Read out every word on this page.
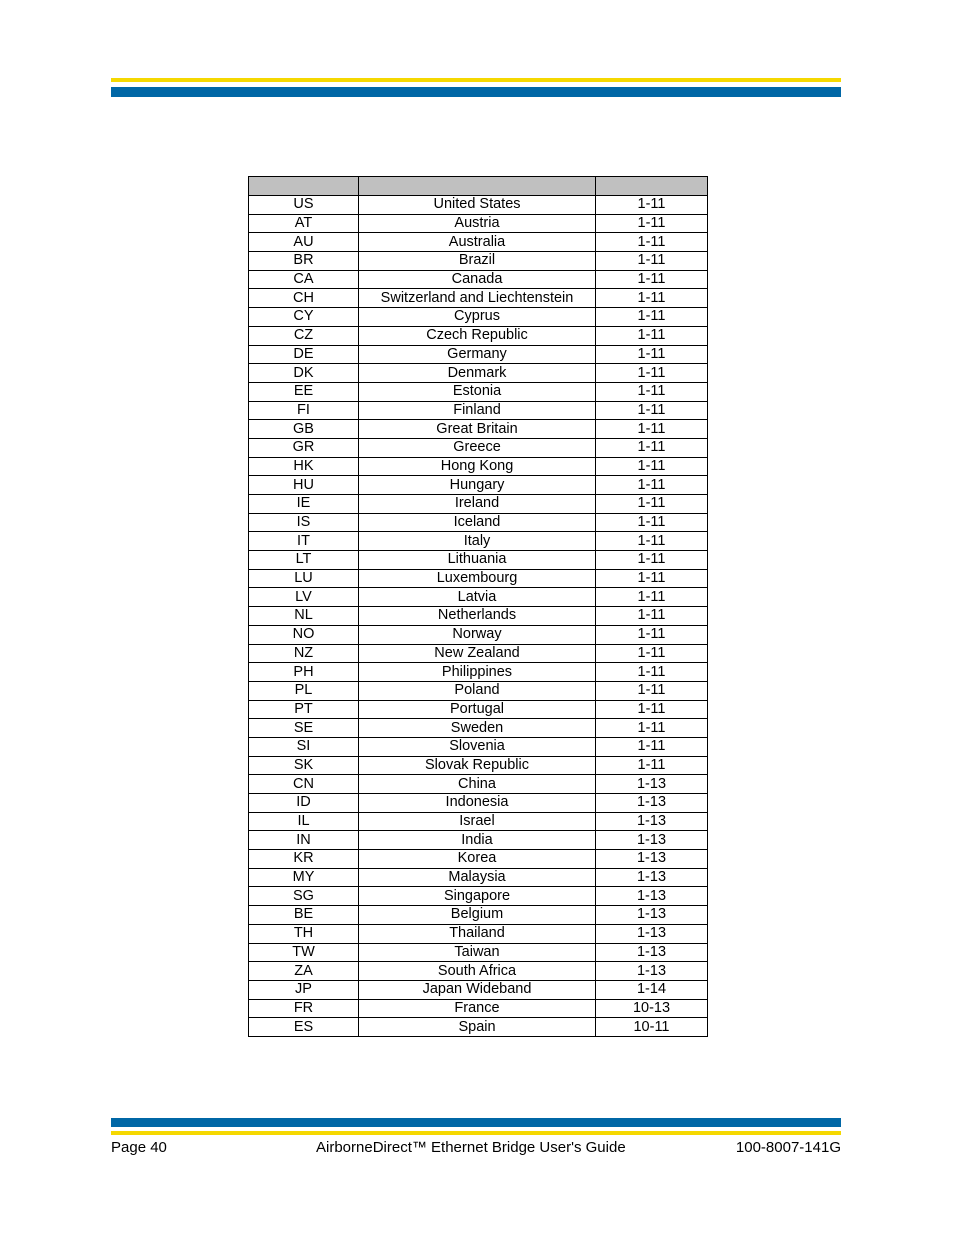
US	United States	1-11
AT	Austria	1-11
AU	Australia	1-11
BR	Brazil	1-11
CA	Canada	1-11
CH	Switzerland and Liechtenstein	1-11
CY	Cyprus	1-11
CZ	Czech Republic	1-11
DE	Germany	1-11
DK	Denmark	1-11
EE	Estonia	1-11
FI	Finland	1-11
GB	Great Britain	1-11
GR	Greece	1-11
HK	Hong Kong	1-11
HU	Hungary	1-11
IE	Ireland	1-11
IS	Iceland	1-11
IT	Italy	1-11
LT	Lithuania	1-11
LU	Luxembourg	1-11
LV	Latvia	1-11
NL	Netherlands	1-11
NO	Norway	1-11
NZ	New Zealand	1-11
PH	Philippines	1-11
PL	Poland	1-11
PT	Portugal	1-11
SE	Sweden	1-11
SI	Slovenia	1-11
SK	Slovak Republic	1-11
CN	China	1-13
ID	Indonesia	1-13
IL	Israel	1-13
IN	India	1-13
KR	Korea	1-13
MY	Malaysia	1-13
SG	Singapore	1-13
BE	Belgium	1-13
TH	Thailand	1-13
TW	Taiwan	1-13
ZA	South Africa	1-13
JP	Japan Wideband	1-14
FR	France	10-13
ES	Spain	10-11
Page 40	AirborneDirect™ Ethernet Bridge User's Guide	100-8007-141G
